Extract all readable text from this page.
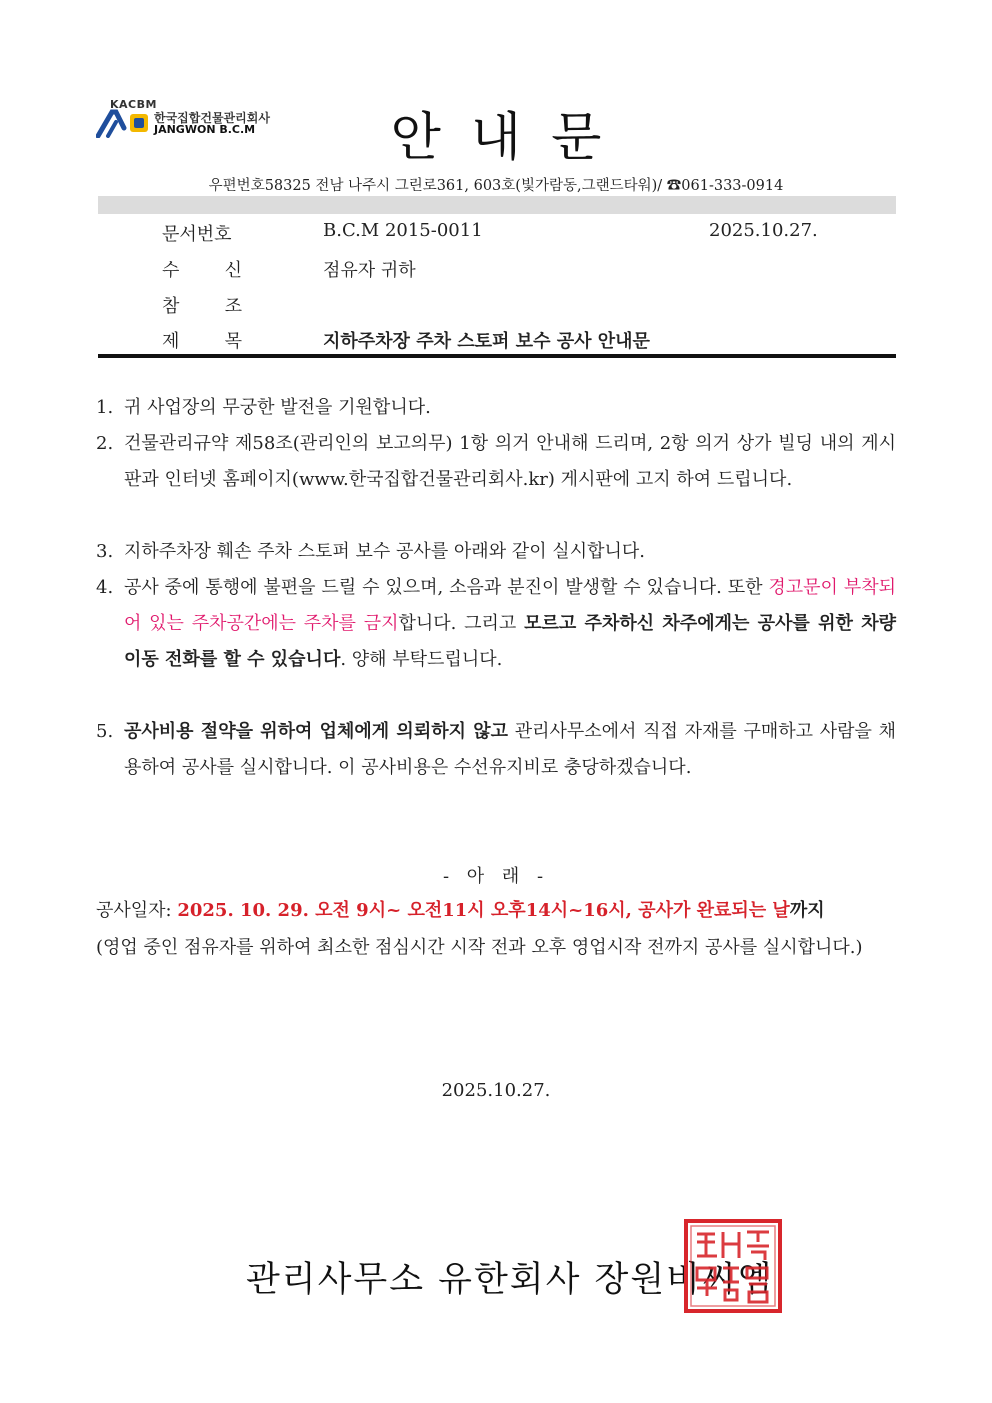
KACBM
한국집합건물관리회사
JANGWON B.C.M	안내문
우편번호58325 전남 나주시 그린로361, 603호(빛가람동,그랜드타워)/ ☎061-333-0914
문서번호	B.C.M 2015-0011	2025.10.27.
수	신	점유자 귀하
참	조
제	목	지하주차장 주차 스토퍼 보수 공사 안내문
1. 귀 사업장의 무궁한 발전을 기원합니다.
2. 건물관리규약 제58조(관리인의 보고의무) 1항 의거 안내해 드리며, 2항 의거 상가 빌딩 내의 게시판과 인터넷 홈페이지(www.한국집합건물관리회사.kr) 게시판에 고지 하여 드립니다.
3. 지하주차장 훼손 주차 스토퍼 보수 공사를 아래와 같이 실시합니다.
4. 공사 중에 통행에 불편을 드릴 수 있으며, 소음과 분진이 발생할 수 있습니다. 또한 경고문이 부착되어 있는 주차공간에는 주차를 금지합니다. 그리고 모르고 주차하신 차주에게는 공사를 위한 차량 이동 전화를 할 수 있습니다. 양해 부탁드립니다.
5. 공사비용 절약을 위하여 업체에게 의뢰하지 않고 관리사무소에서 직접 자재를 구매하고 사람을 채용하여 공사를 실시합니다. 이 공사비용은 수선유지비로 충당하겠습니다.
- 아 래 -
공사일자: 2025. 10. 29. 오전 9시~ 오전11시 오후14시~16시, 공사가 완료되는 날까지
(영업 중인 점유자를 위하여 최소한 점심시간 시작 전과 오후 영업시작 전까지 공사를 실시합니다.)
2025.10.27.
관리사무소 유한회사 장원비씨엠
